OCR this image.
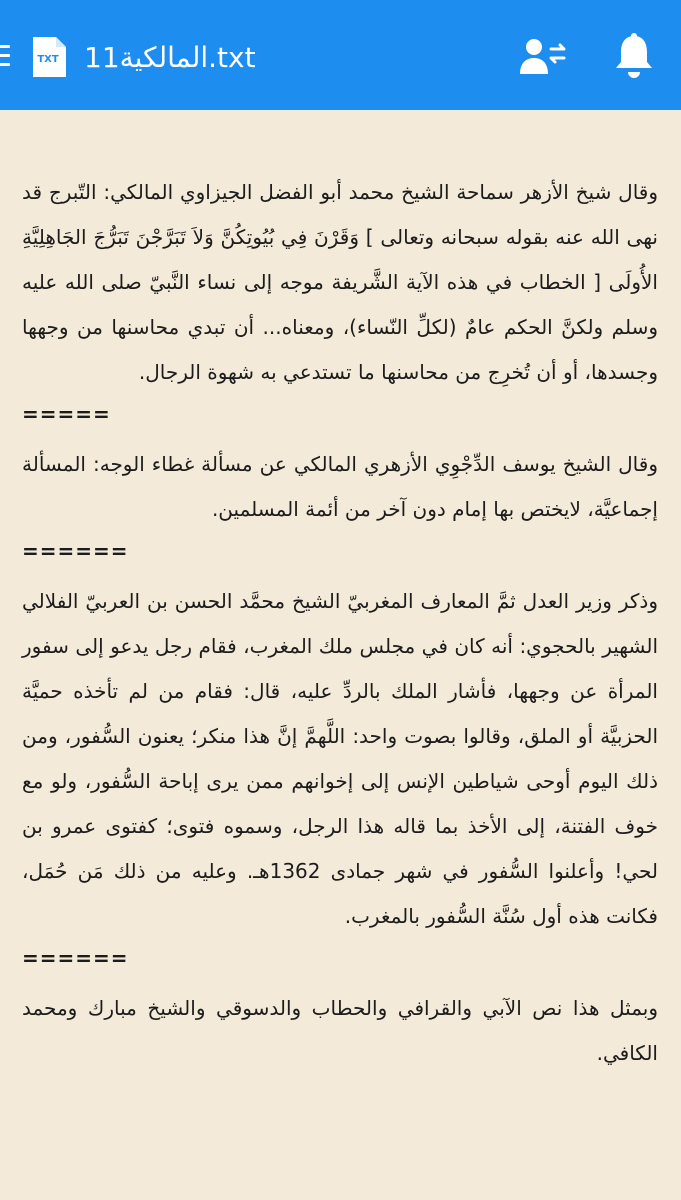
TXT المالكية11.txt

وقال شيخ الأزهر سماحة الشيخ محمد أبو الفضل الجيزاوي المالكي: التّبرج قد نهى الله عنه بقوله سبحانه وتعالى ] وَقَرْنَ فِي بُيُوتِكُنَّ وَلاَ تَبَرَّجْنَ تَبَرُّجَ الجَاهِلِيَّةِ الأُولَى [ الخطاب في هذه الآية الشَّريفة موجه إلى نساء النَّبيّ صلى الله عليه وسلم ولكنَّ الحكم عامٌ (لكلِّ النّساء)، ومعناه... أن تبدي محاسنها من وجهها وجسدها، أو أن تُخرِج من محاسنها ما تستدعي به شهوة الرجال.

=====

وقال الشيخ يوسف الدِّجْوِي الأزهري المالكي عن مسألة غطاء الوجه: المسألة إجماعيَّة، لايختص بها إمام دون آخر من أئمة المسلمين.

======

وذكر وزير العدل ثمَّ المعارف المغربيّ الشيخ محمَّد الحسن بن العربيّ الفلالي الشهير بالحجوي: أنه كان في مجلس ملك المغرب، فقام رجل يدعو إلى سفور المرأة عن وجهها، فأشار الملك بالردِّ عليه، قال: فقام من لم تأخذه حميَّة الحزبيَّة أو الملق، وقالوا بصوت واحد: اللَّهمَّ إنَّ هذا منكر؛ يعنون السُّفور، ومن ذلك اليوم أوحى شياطين الإنس إلى إخوانهم ممن يرى إباحة السُّفور، ولو مع خوف الفتنة، إلى الأخذ بما قاله هذا الرجل، وسموه فتوى؛ كفتوى عمرو بن لحي! وأعلنوا السُّفور في شهر جمادى 1362هـ. وعليه من ذلك مَن حُمَل، فكانت هذه أول سُنَّة السُّفور بالمغرب.

======

وبمثل هذا نص الآبي والقرافي والحطاب والدسوقي والشيخ مبارك ومحمد الكافي.
